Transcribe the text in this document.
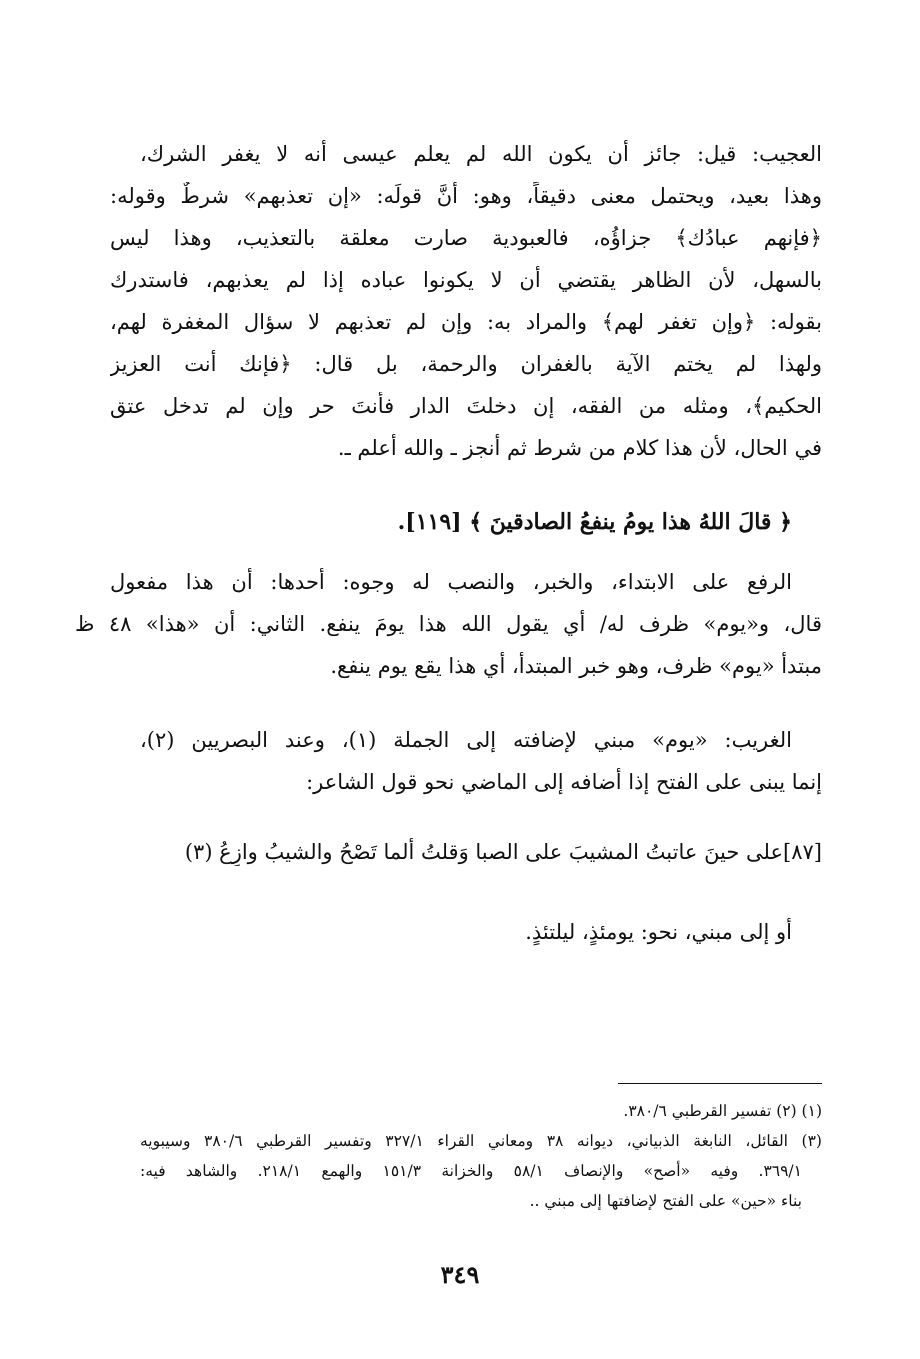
العجيب: قيل: جائز أن يكون الله لم يعلم عيسى أنه لا يغفر الشرك،
وهذا بعيد، ويحتمل معنى دقيقاً، وهو: أَنَّ قولَه: «إن تعذبهم» شرطٌ وقوله:
﴿فإنهم عبادُك﴾ جزاؤُه، فالعبودية صارت معلقة بالتعذيب، وهذا ليس
بالسهل، لأن الظاهر يقتضي أن لا يكونوا عباده إذا لم يعذبهم، فاستدرك
بقوله: ﴿وإن تغفر لهم﴾ والمراد به: وإن لم تعذبهم لا سؤال المغفرة لهم،
ولهذا لم يختم الآية بالغفران والرحمة، بل قال: ﴿فإنك أنت العزيز
الحكيم﴾، ومثله من الفقه، إن دخلتَ الدار فأنتَ حر وإن لم تدخل عتق
في الحال، لأن هذا كلام من شرط ثم أنجز ـ والله أعلم ـ.
﴿ قالَ اللهُ هذا يومُ ينفعُ الصادقينَ ﴾ [١١٩].
الرفع على الابتداء، والخبر، والنصب له وجوه: أحدها: أن هذا مفعول
قال، و«يوم» ظرف له/ أي يقول الله هذا يومَ ينفع. الثاني: أن «هذا» ٤٨ ظ
مبتدأ «يوم» ظرف، وهو خبر المبتدأ، أي هذا يقع يوم ينفع.
الغريب: «يوم» مبني لإضافته إلى الجملة (١)، وعند البصريين (٢)،
إنما يبنى على الفتح إذا أضافه إلى الماضي نحو قول الشاعر:
[٨٧]على حينَ عاتبتُ المشيبَ على الصبا وَقلتُ ألما تَصْحُ والشيبُ وازِعُ (٣)
أو إلى مبني، نحو: يومئذٍ، ليلتئذٍ.
(١) (٢) تفسير القرطبي ٣٨٠/٦.
(٣) القائل، النابغة الذبياني، ديوانه ٣٨ ومعاني القراء ٣٢٧/١ وتفسير القرطبي ٣٨٠/٦ وسيبويه
٣٦٩/١. وفيه «أصح» والإنصاف ٥٨/١ والخزانة ١٥١/٣ والهمع ٢١٨/١. والشاهد فيه:
بناء «حين» على الفتح لإضافتها إلى مبني ..
٣٤٩
